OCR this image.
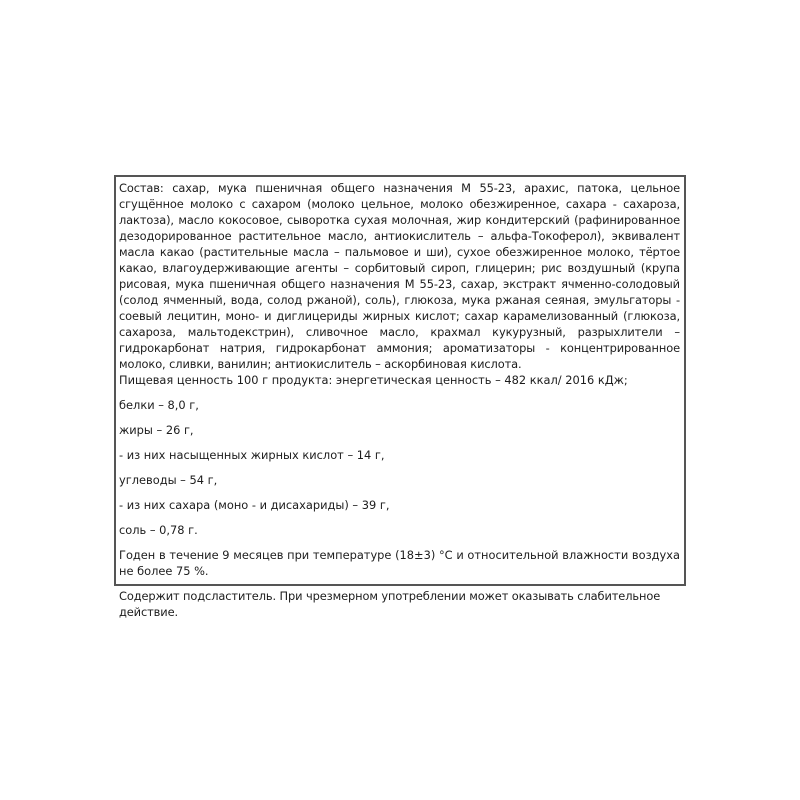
Состав: сахар, мука пшеничная общего назначения М 55-23, арахис, патока, цельное сгущённое молоко с сахаром (молоко цельное, молоко обезжиренное, сахара - сахароза, лактоза), масло кокосовое, сыворотка сухая молочная, жир кондитерский (рафинированное дезодорированное растительное масло, антиокислитель – альфа-Токоферол), эквивалент масла какао (растительные масла – пальмовое и ши), сухое обезжиренное молоко, тёртое какао, влагоудерживающие агенты – сорбитовый сироп, глицерин; рис воздушный (крупа рисовая, мука пшеничная общего назначения М 55-23, сахар, экстракт ячменно-солодовый (солод ячменный, вода, солод ржаной), соль), глюкоза, мука ржаная сеяная, эмульгаторы - соевый лецитин, моно- и диглицериды жирных кислот; сахар карамелизованный (глюкоза, сахароза, мальтодекстрин), сливочное масло, крахмал кукурузный, разрыхлители – гидрокарбонат натрия, гидрокарбонат аммония; ароматизаторы - концентрированное молоко, сливки, ванилин; антиокислитель – аскорбиновая кислота.

Пищевая ценность 100 г продукта: энергетическая ценность – 482 ккал/ 2016 кДж;

белки – 8,0 г,

жиры – 26 г,

- из них насыщенных жирных кислот – 14 г,

углеводы – 54 г,

- из них сахара (моно - и дисахариды) – 39 г,

соль – 0,78 г.

Годен в течение 9 месяцев при температуре (18±3) °С и относительной влажности воздуха не более 75 %.

Содержит подсластитель. При чрезмерном употреблении может оказывать слабительное действие.
